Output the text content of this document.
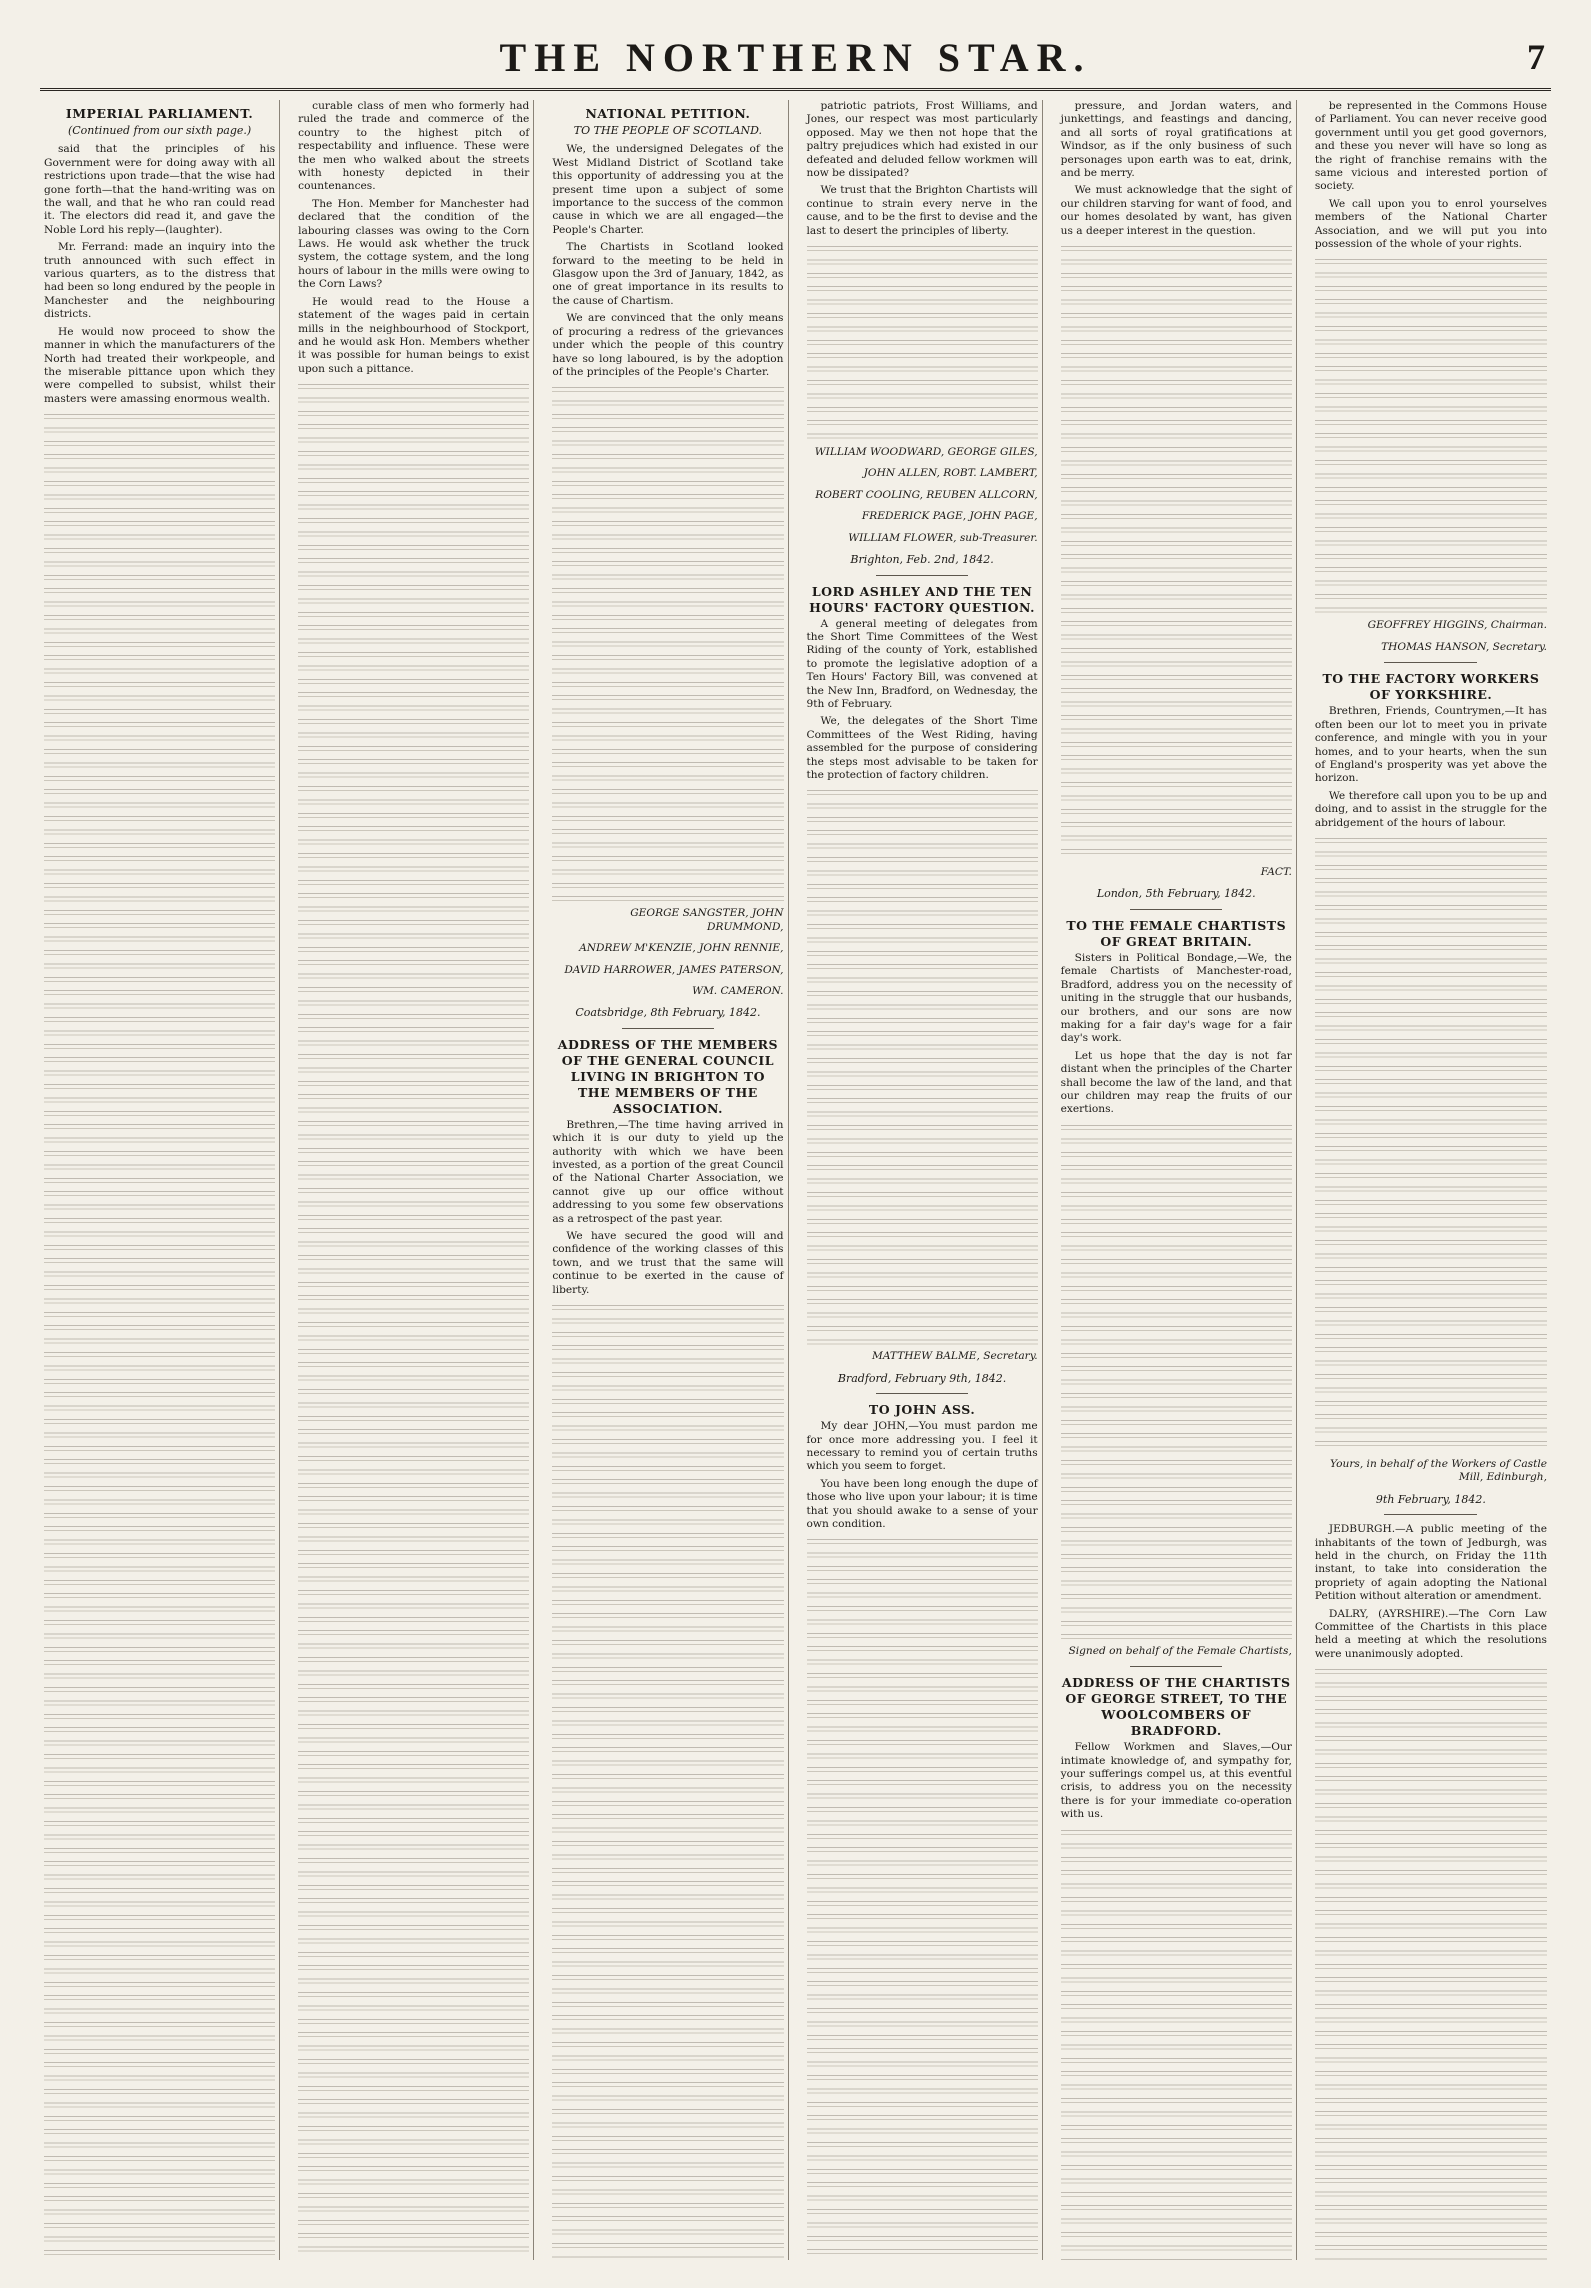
THE NORTHERN STAR.	7
IMPERIAL PARLIAMENT.
(Continued from our sixth page.)

said that the principles of his Government were for doing away with all restrictions upon trade—that the wise had gone forth—that the hand-writing was on the wall, and that he who ran could read it. The electors did read it, and gave the Noble Lord his reply—(laughter).

Mr. Ferrand: made an inquiry into the truth announced with such effect in various quarters, as to the distress that had been so long endured by the people in Manchester and the neighbouring districts.

He would now proceed to show the manner in which the manufacturers of the North had treated their workpeople, and the miserable pittance upon which they were compelled to subsist, whilst their masters were amassing enormous wealth.

curable class of men who formerly had ruled the trade and commerce of the country to the highest pitch of respectability and influence. These were the men who walked about the streets with honesty depicted in their countenances.

The Hon. Member for Manchester had declared that the condition of the labouring classes was owing to the Corn Laws. He would ask whether the truck system, the cottage system, and the long hours of labour in the mills were owing to the Corn Laws?

He would read to the House a statement of the wages paid in certain mills in the neighbourhood of Stockport, and he would ask Hon. Members whether it was possible for human beings to exist upon such a pittance.

NATIONAL PETITION.
TO THE PEOPLE OF SCOTLAND.

We, the undersigned Delegates of the West Midland District of Scotland take this opportunity of addressing you at the present time upon a subject of some importance to the success of the common cause in which we are all engaged—the People's Charter.

The Chartists in Scotland looked forward to the meeting to be held in Glasgow upon the 3rd of January, 1842, as one of great importance in its results to the cause of Chartism.

We are convinced that the only means of procuring a redress of the grievances under which the people of this country have so long laboured, is by the adoption of the principles of the People's Charter.

GEORGE SANGSTER, JOHN DRUMMOND,
ANDREW M'KENZIE, JOHN RENNIE,
DAVID HARROWER, JAMES PATERSON,
WM. CAMERON.
Coatsbridge, 8th February, 1842.
ADDRESS OF THE MEMBERS OF THE GENERAL COUNCIL LIVING IN BRIGHTON TO THE MEMBERS OF THE ASSOCIATION.

Brethren,—The time having arrived in which it is our duty to yield up the authority with which we have been invested, as a portion of the great Council of the National Charter Association, we cannot give up our office without addressing to you some few observations as a retrospect of the past year.

We have secured the good will and confidence of the working classes of this town, and we trust that the same will continue to be exerted in the cause of liberty.

patriotic patriots, Frost Williams, and Jones, our respect was most particularly opposed. May we then not hope that the paltry prejudices which had existed in our defeated and deluded fellow workmen will now be dissipated?

We trust that the Brighton Chartists will continue to strain every nerve in the cause, and to be the first to devise and the last to desert the principles of liberty.

WILLIAM WOODWARD, GEORGE GILES,
JOHN ALLEN, ROBT. LAMBERT,
ROBERT COOLING, REUBEN ALLCORN,
FREDERICK PAGE, JOHN PAGE,
WILLIAM FLOWER, sub-Treasurer.
Brighton, Feb. 2nd, 1842.
LORD ASHLEY AND THE TEN HOURS' FACTORY QUESTION.

A general meeting of delegates from the Short Time Committees of the West Riding of the county of York, established to promote the legislative adoption of a Ten Hours' Factory Bill, was convened at the New Inn, Bradford, on Wednesday, the 9th of February.

We, the delegates of the Short Time Committees of the West Riding, having assembled for the purpose of considering the steps most advisable to be taken for the protection of factory children.

MATTHEW BALME, Secretary.
Bradford, February 9th, 1842.
TO JOHN ASS.

My dear JOHN,—You must pardon me for once more addressing you. I feel it necessary to remind you of certain truths which you seem to forget.

You have been long enough the dupe of those who live upon your labour; it is time that you should awake to a sense of your own condition.

pressure, and Jordan waters, and junkettings, and feastings and dancing, and all sorts of royal gratifications at Windsor, as if the only business of such personages upon earth was to eat, drink, and be merry.

We must acknowledge that the sight of our children starving for want of food, and our homes desolated by want, has given us a deeper interest in the question.

FACT.
London, 5th February, 1842.
TO THE FEMALE CHARTISTS OF GREAT BRITAIN.

Sisters in Political Bondage,—We, the female Chartists of Manchester-road, Bradford, address you on the necessity of uniting in the struggle that our husbands, our brothers, and our sons are now making for a fair day's wage for a fair day's work.

Let us hope that the day is not far distant when the principles of the Charter shall become the law of the land, and that our children may reap the fruits of our exertions.

Signed on behalf of the Female Chartists,
ADDRESS OF THE CHARTISTS OF GEORGE STREET, TO THE WOOLCOMBERS OF BRADFORD.

Fellow Workmen and Slaves,—Our intimate knowledge of, and sympathy for, your sufferings compel us, at this eventful crisis, to address you on the necessity there is for your immediate co-operation with us.

be represented in the Commons House of Parliament. You can never receive good government until you get good governors, and these you never will have so long as the right of franchise remains with the same vicious and interested portion of society.

We call upon you to enrol yourselves members of the National Charter Association, and we will put you into possession of the whole of your rights.

GEOFFREY HIGGINS, Chairman.
THOMAS HANSON, Secretary.
TO THE FACTORY WORKERS OF YORKSHIRE.

Brethren, Friends, Countrymen,—It has often been our lot to meet you in private conference, and mingle with you in your homes, and to your hearts, when the sun of England's prosperity was yet above the horizon.

We therefore call upon you to be up and doing, and to assist in the struggle for the abridgement of the hours of labour.

Yours, in behalf of the Workers of Castle Mill, Edinburgh,
9th February, 1842.

JEDBURGH.—A public meeting of the inhabitants of the town of Jedburgh, was held in the church, on Friday the 11th instant, to take into consideration the propriety of again adopting the National Petition without alteration or amendment.

DALRY, (AYRSHIRE).—The Corn Law Committee of the Chartists in this place held a meeting at which the resolutions were unanimously adopted.
